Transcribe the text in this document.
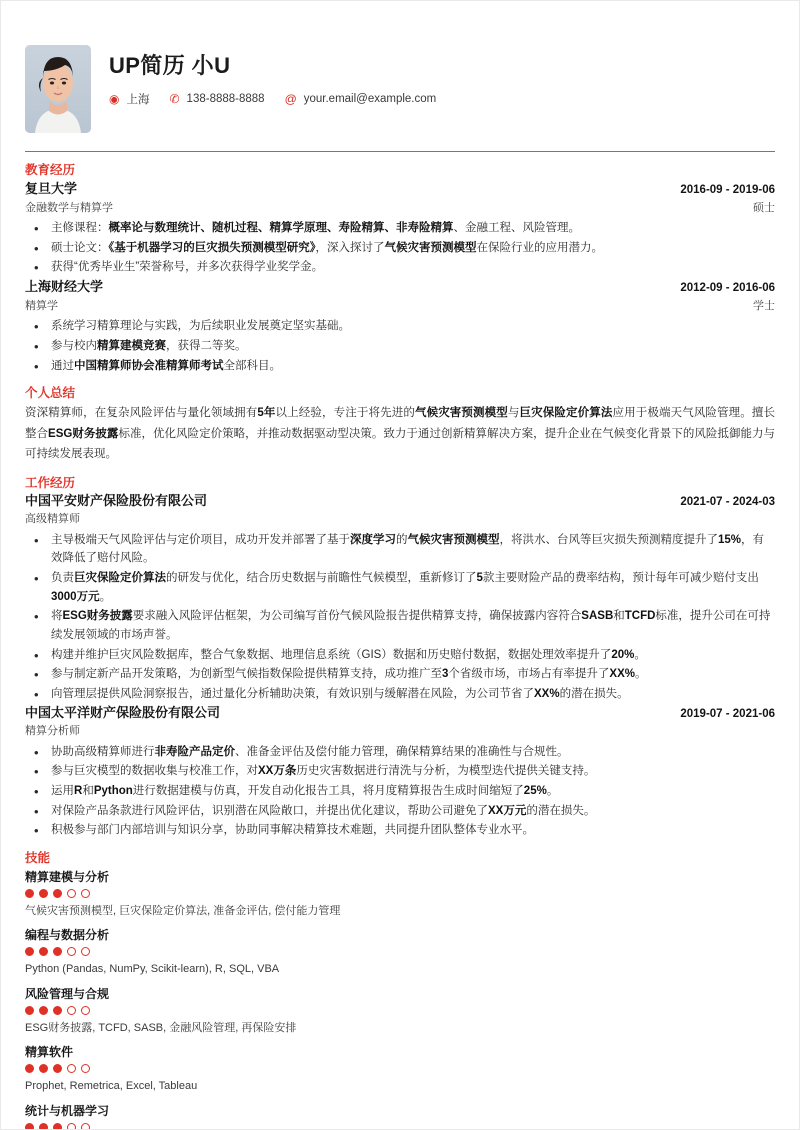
UP简历 小U
◉ 上海 ✆ 138-8888-8888 @ your.email@example.com
教育经历
复旦大学	2016-09 - 2019-06
金融数学与精算学	硕士
• 主修课程：概率论与数理统计、随机过程、精算学原理、寿险精算、非寿险精算、金融工程、风险管理。
• 硕士论文：《基于机器学习的巨灾损失预测模型研究》，深入探讨了气候灾害预测模型在保险行业的应用潜力。
• 获得“优秀毕业生”荣誉称号，并多次获得学业奖学金。
上海财经大学	2012-09 - 2016-06
精算学	学士
• 系统学习精算理论与实践，为后续职业发展奠定坚实基础。
• 参与校内精算建模竞赛，获得二等奖。
• 通过中国精算师协会准精算师考试全部科目。
个人总结
资深精算师，在复杂风险评估与量化领域拥有5年以上经验，专注于将先进的气候灾害预测模型与巨灾保险定价算法应用于极端天气风险管理。擅长整合ESG财务披露标准，优化风险定价策略，并推动数据驱动型决策。致力于通过创新精算解决方案，提升企业在气候变化背景下的风险抵御能力与可持续发展表现。
工作经历
中国平安财产保险股份有限公司	2021-07 - 2024-03
高级精算师
• 主导极端天气风险评估与定价项目，成功开发并部署了基于深度学习的气候灾害预测模型，将洪水、台风等巨灾损失预测精度提升了15%，有效降低了赔付风险。
• 负责巨灾保险定价算法的研发与优化，结合历史数据与前瞻性气候模型，重新修订了5款主要财险产品的费率结构，预计每年可减少赔付支出3000万元。
• 将ESG财务披露要求融入风险评估框架，为公司编写首份气候风险报告提供精算支持，确保披露内容符合SASB和TCFD标准，提升公司在可持续发展领域的市场声誉。
• 构建并维护巨灾风险数据库，整合气象数据、地理信息系统（GIS）数据和历史赔付数据，数据处理效率提升了20%。
• 参与制定新产品开发策略，为创新型气候指数保险提供精算支持，成功推广至3个省级市场，市场占有率提升了XX%。
• 向管理层提供风险洞察报告，通过量化分析辅助决策，有效识别与缓解潜在风险，为公司节省了XX%的潜在损失。
中国太平洋财产保险股份有限公司	2019-07 - 2021-06
精算分析师
• 协助高级精算师进行非寿险产品定价、准备金评估及偿付能力管理，确保精算结果的准确性与合规性。
• 参与巨灾模型的数据收集与校准工作，对XX万条历史灾害数据进行清洗与分析，为模型迭代提供关键支持。
• 运用R和Python进行数据建模与仿真，开发自动化报告工具，将月度精算报告生成时间缩短了25%。
• 对保险产品条款进行风险评估，识别潜在风险敞口，并提出优化建议，帮助公司避免了XX万元的潜在损失。
• 积极参与部门内部培训与知识分享，协助同事解决精算技术难题，共同提升团队整体专业水平。
技能
精算建模与分析
气候灾害预测模型, 巨灾保险定价算法, 准备金评估, 偿付能力管理
编程与数据分析
Python (Pandas, NumPy, Scikit-learn), R, SQL, VBA
风险管理与合规
ESG财务披露, TCFD, SASB, 金融风险管理, 再保险安排
精算软件
Prophet, Remetrica, Excel, Tableau
统计与机器学习
